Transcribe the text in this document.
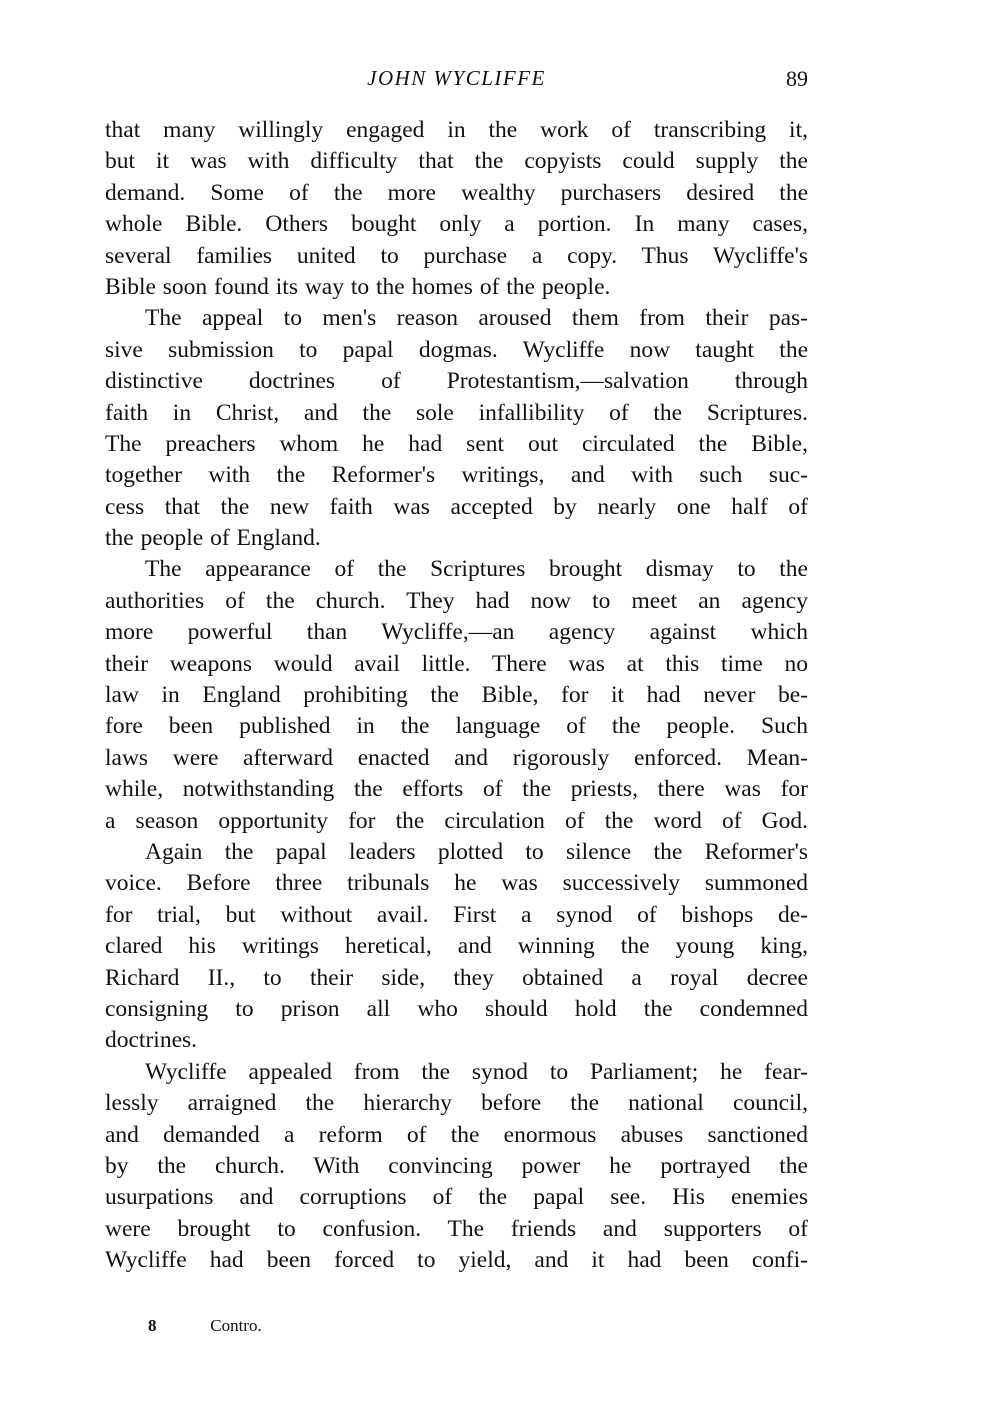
JOHN WYCLIFFE	89
that many willingly engaged in the work of transcribing it,
but it was with difficulty that the copyists could supply the
demand. Some of the more wealthy purchasers desired the
whole Bible. Others bought only a portion. In many cases,
several families united to purchase a copy. Thus Wycliffe's
Bible soon found its way to the homes of the people.
The appeal to men's reason aroused them from their pas-
sive submission to papal dogmas. Wycliffe now taught the
distinctive doctrines of Protestantism,—salvation through
faith in Christ, and the sole infallibility of the Scriptures.
The preachers whom he had sent out circulated the Bible,
together with the Reformer's writings, and with such suc-
cess that the new faith was accepted by nearly one half of
the people of England.
The appearance of the Scriptures brought dismay to the
authorities of the church. They had now to meet an agency
more powerful than Wycliffe,—an agency against which
their weapons would avail little. There was at this time no
law in England prohibiting the Bible, for it had never be-
fore been published in the language of the people. Such
laws were afterward enacted and rigorously enforced. Mean-
while, notwithstanding the efforts of the priests, there was for
a season opportunity for the circulation of the word of God.
Again the papal leaders plotted to silence the Reformer's
voice. Before three tribunals he was successively summoned
for trial, but without avail. First a synod of bishops de-
clared his writings heretical, and winning the young king,
Richard II., to their side, they obtained a royal decree
consigning to prison all who should hold the condemned
doctrines.
Wycliffe appealed from the synod to Parliament; he fear-
lessly arraigned the hierarchy before the national council,
and demanded a reform of the enormous abuses sanctioned
by the church. With convincing power he portrayed the
usurpations and corruptions of the papal see. His enemies
were brought to confusion. The friends and supporters of
Wycliffe had been forced to yield, and it had been confi-
8	Contro.
